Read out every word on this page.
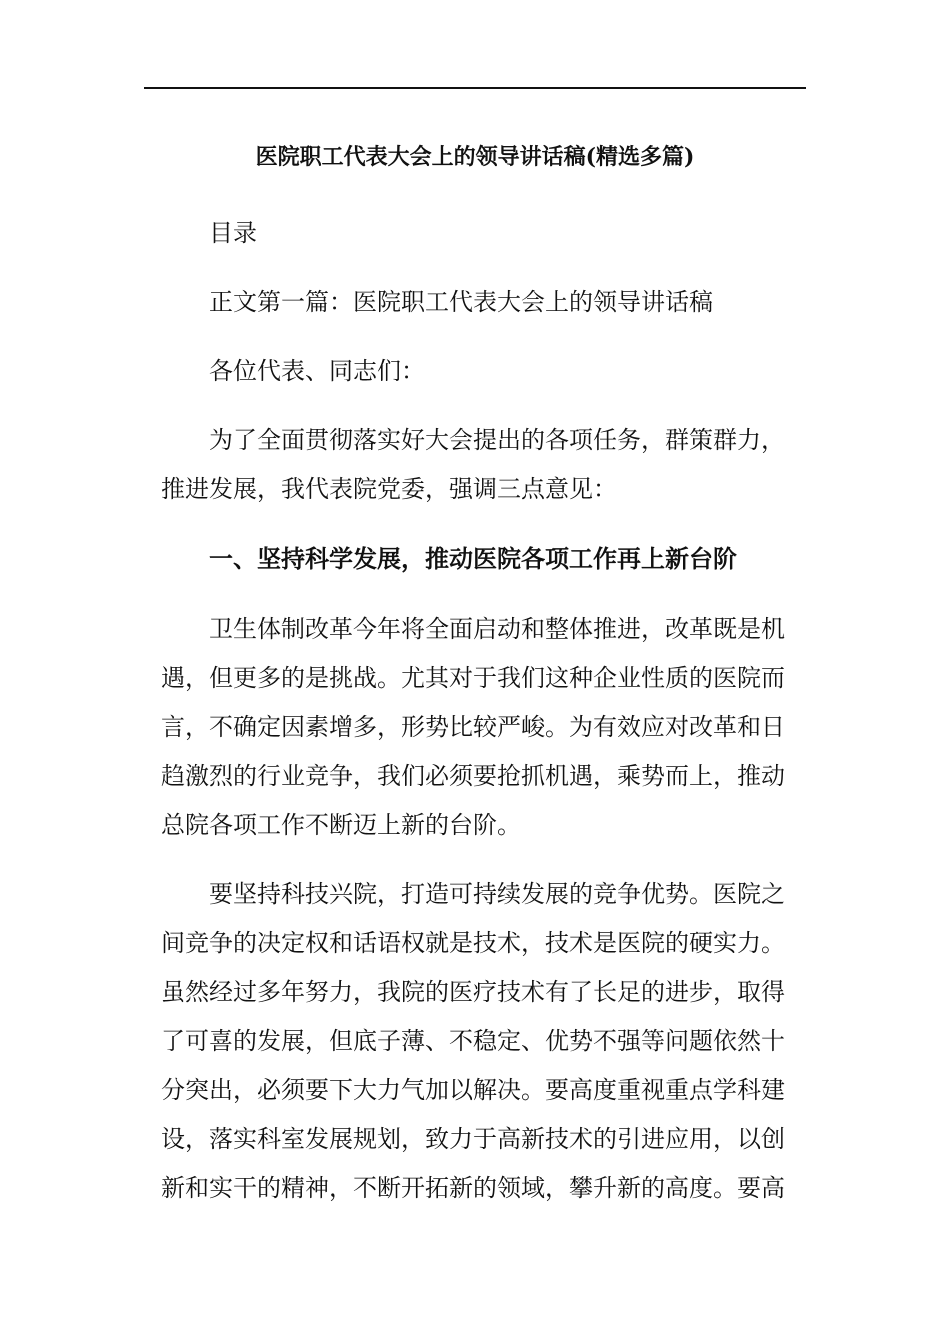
医院职工代表大会上的领导讲话稿(精选多篇)
目录
正文第一篇：医院职工代表大会上的领导讲话稿
各位代表、同志们：
为了全面贯彻落实好大会提出的各项任务，群策群力，
推进发展，我代表院党委，强调三点意见：
一、坚持科学发展，推动医院各项工作再上新台阶
卫生体制改革今年将全面启动和整体推进，改革既是机
遇，但更多的是挑战。尤其对于我们这种企业性质的医院而
言，不确定因素增多，形势比较严峻。为有效应对改革和日
趋激烈的行业竞争，我们必须要抢抓机遇，乘势而上，推动
总院各项工作不断迈上新的台阶。
要坚持科技兴院，打造可持续发展的竞争优势。医院之
间竞争的决定权和话语权就是技术，技术是医院的硬实力。
虽然经过多年努力，我院的医疗技术有了长足的进步，取得
了可喜的发展，但底子薄、不稳定、优势不强等问题依然十
分突出，必须要下大力气加以解决。要高度重视重点学科建
设，落实科室发展规划，致力于高新技术的引进应用，以创
新和实干的精神，不断开拓新的领域，攀升新的高度。要高
